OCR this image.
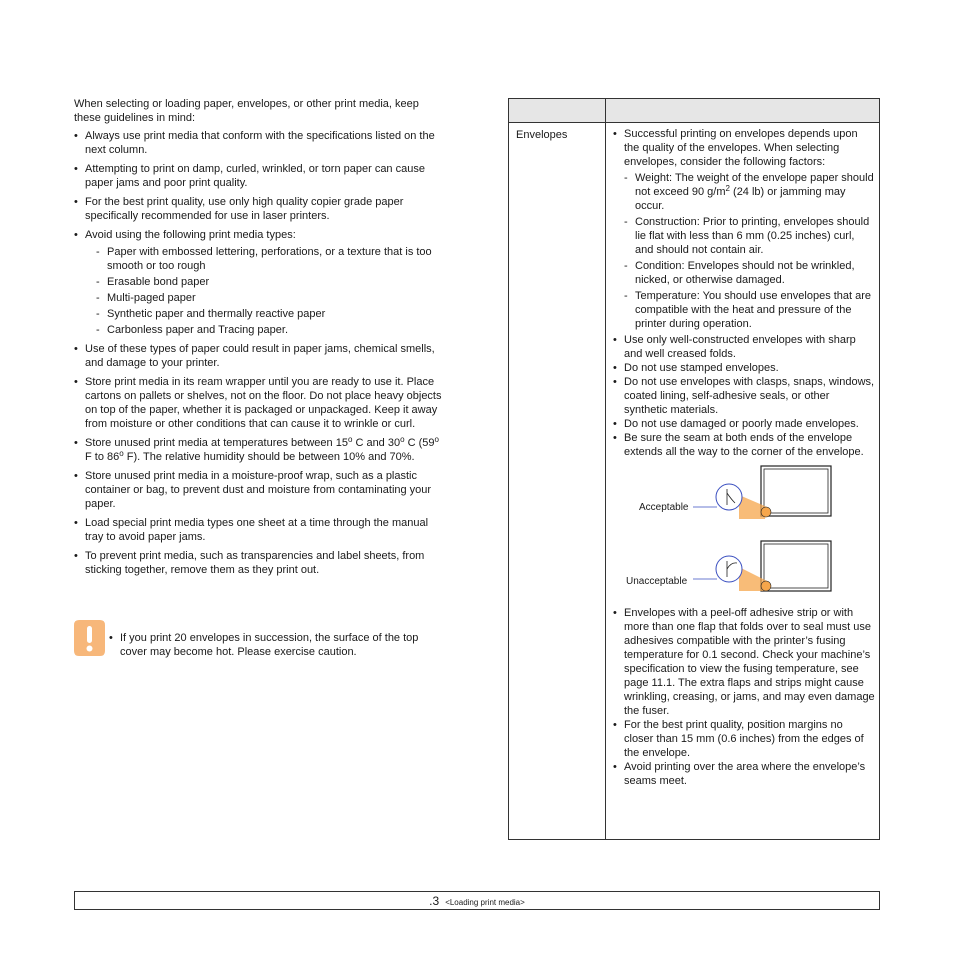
When selecting or loading paper, envelopes, or other print media, keep these guidelines in mind:

• Always use print media that conform with the specifications listed on the next column.
• Attempting to print on damp, curled, wrinkled, or torn paper can cause paper jams and poor print quality.
• For the best print quality, use only high quality copier grade paper specifically recommended for use in laser printers.
• Avoid using the following print media types:
- Paper with embossed lettering, perforations, or a texture that is too smooth or too rough
- Erasable bond paper
- Multi-paged paper
- Synthetic paper and thermally reactive paper
- Carbonless paper and Tracing paper.
• Use of these types of paper could result in paper jams, chemical smells, and damage to your printer.
• Store print media in its ream wrapper until you are ready to use it. Place cartons on pallets or shelves, not on the floor. Do not place heavy objects on top of the paper, whether it is packaged or unpackaged. Keep it away from moisture or other conditions that can cause it to wrinkle or curl.
• Store unused print media at temperatures between 15$^o$ C and 30$^o$ C (59$^o$ F to 86$^o$ F). The relative humidity should be between 10% and 70%.
• Store unused print media in a moisture-proof wrap, such as a plastic container or bag, to prevent dust and moisture from contaminating your paper.
• Load special print media types one sheet at a time through the manual tray to avoid paper jams.
• To prevent print media, such as transparencies and label sheets, from sticking together, remove them as they print out.
• If you print 20 envelopes in succession, the surface of the top cover may become hot. Please exercise caution.
Envelopes
•	Successful printing on envelopes depends upon the quality of the envelopes. When selecting envelopes, consider the following factors:
- Weight: The weight of the envelope paper should not exceed 90 $g/m^2$ (24 lb) or jamming may occur.
- Construction: Prior to printing, envelopes should lie flat with less than 6 mm (0.25 inches) curl, and should not contain air.
- Condition: Envelopes should not be wrinkled, nicked, or otherwise damaged.
- Temperature: You should use envelopes that are compatible with the heat and pressure of the printer during operation.
• Use only well-constructed envelopes with sharp and well creased folds.
• Do not use stamped envelopes.
• Do not use envelopes with clasps, snaps, windows, coated lining, self-adhesive seals, or other synthetic materials.
• Do not use damaged or poorly made envelopes.
• Be sure the seam at both ends of the envelope extends all the way to the corner of the envelope.
Acceptable
Unacceptable
• Envelopes with a peel-off adhesive strip or with more than one flap that folds over to seal must use adhesives compatible with the printer’s fusing temperature for 0.1 second. Check your machine’s specification to view the fusing temperature, see page 11.1. The extra flaps and strips might cause wrinkling, creasing, or jams, and may even damage the fuser.
• For the best print quality, position margins no closer than 15 mm (0.6 inches) from the edges of the envelope.
• Avoid printing over the area where the envelope’s seams meet.
.3 <Loading print media>
